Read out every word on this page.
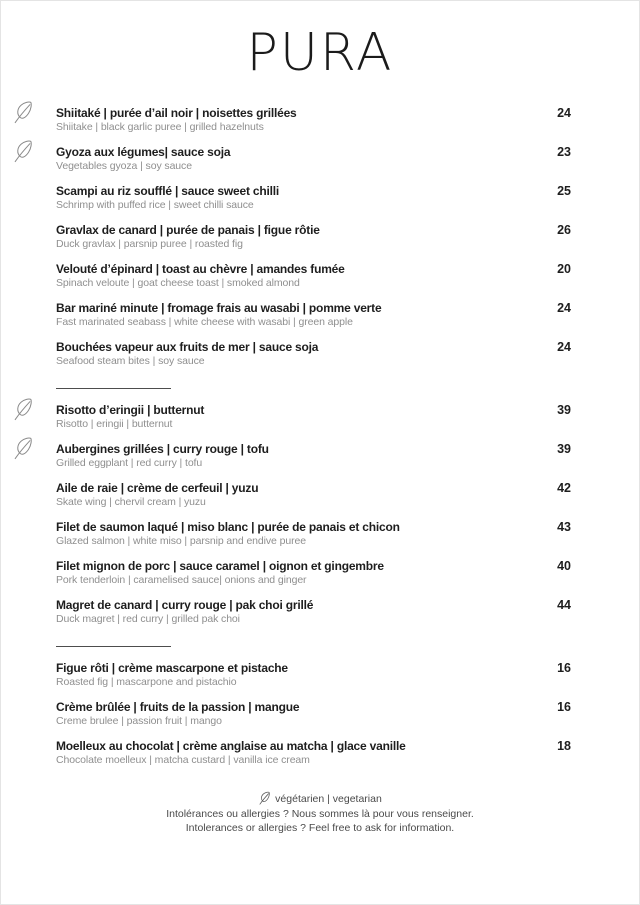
PURA
Shiitaké | purée d’ail noir | noisettes grillées	24
Shiitake | black garlic puree | grilled hazelnuts
Gyoza aux légumes| sauce soja	23
Vegetables gyoza | soy sauce
Scampi au riz soufflé | sauce sweet chilli	25
Schrimp with puffed rice | sweet chilli sauce
Gravlax de canard | purée de panais | figue rôtie	26
Duck gravlax | parsnip puree | roasted fig
Velouté d’épinard | toast au chèvre | amandes fumée	20
Spinach veloute | goat cheese toast | smoked almond
Bar mariné minute | fromage frais au wasabi | pomme verte	24
Fast marinated seabass | white cheese with wasabi | green apple
Bouchées vapeur aux fruits de mer | sauce soja	24
Seafood steam bites | soy sauce
Risotto d’eringii | butternut	39
Risotto | eringii | butternut
Aubergines grillées | curry rouge | tofu	39
Grilled eggplant | red curry | tofu
Aile de raie | crème de cerfeuil | yuzu	42
Skate wing | chervil cream | yuzu
Filet de saumon laqué | miso blanc | purée de panais et chicon	43
Glazed salmon | white miso | parsnip and endive puree
Filet mignon de porc | sauce caramel | oignon et gingembre	40
Pork tenderloin | caramelised sauce| onions and ginger
Magret de canard | curry rouge | pak choi grillé	44
Duck magret | red curry | grilled pak choi
Figue rôti | crème mascarpone et pistache	16
Roasted fig | mascarpone and pistachio
Crème brûlée | fruits de la passion | mangue	16
Creme brulee | passion fruit | mango
Moelleux au chocolat | crème anglaise au matcha | glace vanille	18
Chocolate moelleux | matcha custard | vanilla ice cream
végétarien | vegetarian
Intolérances ou allergies ? Nous sommes là pour vous renseigner.
Intolerances or allergies ? Feel free to ask for information.
